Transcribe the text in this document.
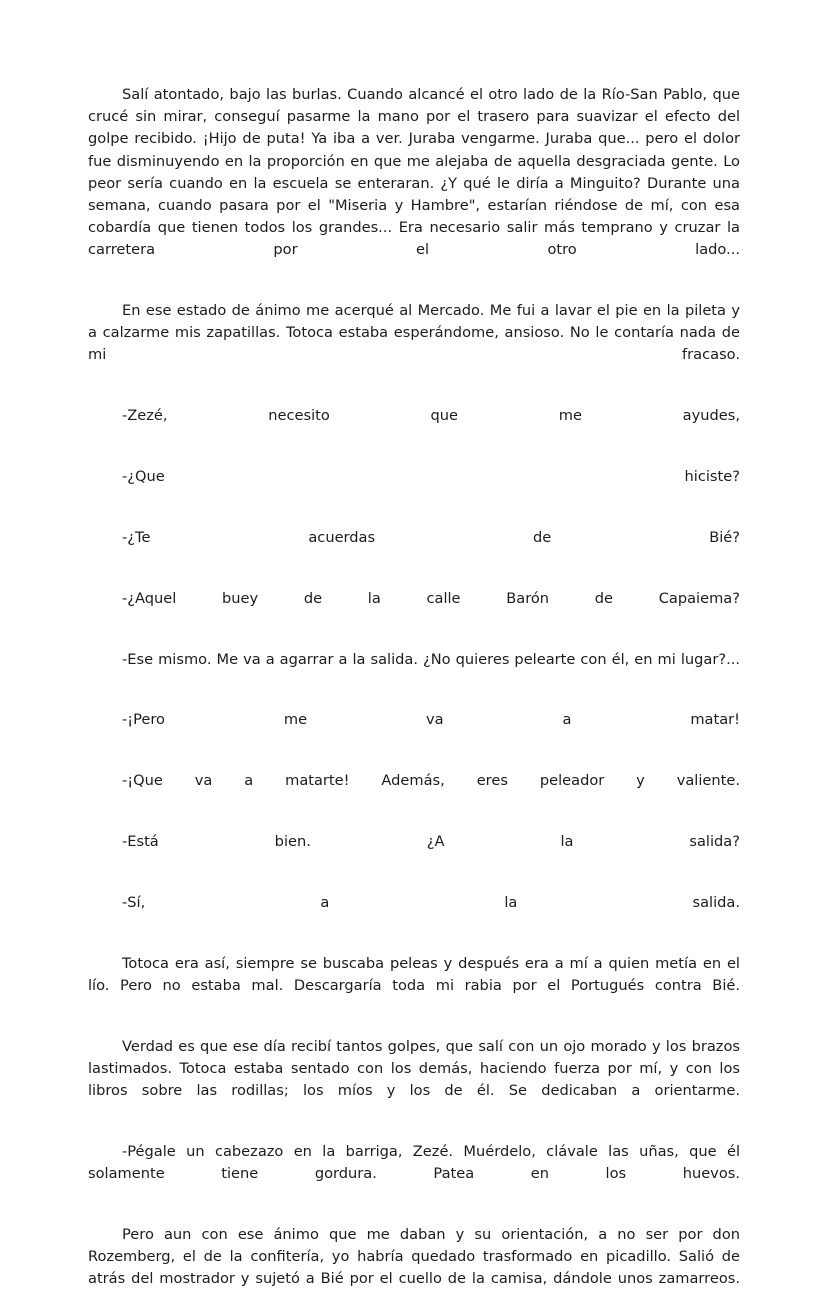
Salí atontado, bajo las burlas. Cuando alcancé el otro lado de la Río-San Pablo, que crucé sin mirar, conseguí pasarme la mano por el trasero para suavizar el efecto del golpe recibido. ¡Hijo de puta! Ya iba a ver. Juraba vengarme. Juraba que... pero el dolor fue disminuyendo en la proporción en que me alejaba de aquella desgraciada gente. Lo peor sería cuando en la escuela se enteraran. ¿Y qué le diría a Minguito? Durante una semana, cuando pasara por el "Miseria y Hambre", estarían riéndose de mí, con esa cobardía que tienen todos los grandes... Era necesario salir más temprano y cruzar la carretera por el otro lado...

En ese estado de ánimo me acerqué al Mercado. Me fui a lavar el pie en la pileta y a calzarme mis zapatillas. Totoca estaba esperándome, ansioso. No le contaría nada de mi fracaso.

-Zezé, necesito que me ayudes,

-¿Que hiciste?

-¿Te acuerdas de Bié?

-¿Aquel buey de la calle Barón de Capaiema?

-Ese mismo. Me va a agarrar a la salida. ¿No quieres pelearte con él, en mi lugar?...

-¡Pero me va a matar!

-¡Que va a matarte! Además, eres peleador y valiente.

-Está bien. ¿A la salida?

-Sí, a la salida.

Totoca era así, siempre se buscaba peleas y después era a mí a quien metía en el lío. Pero no estaba mal. Descargaría toda mi rabia por el Portugués contra Bié.

Verdad es que ese día recibí tantos golpes, que salí con un ojo morado y los brazos lastimados. Totoca estaba sentado con los demás, haciendo fuerza por mí, y con los libros sobre las rodillas; los míos y los de él. Se dedicaban a orientarme.

-Pégale un cabezazo en la barriga, Zezé. Muérdelo, clávale las uñas, que él solamente tiene gordura. Patea en los huevos.

Pero aun con ese ánimo que me daban y su orientación, a no ser por don Rozemberg, el de la confitería, yo habría quedado trasformado en picadillo. Salió de atrás del mostrador y sujetó a Bié por el cuello de la camisa, dándole unos zamarreos.
